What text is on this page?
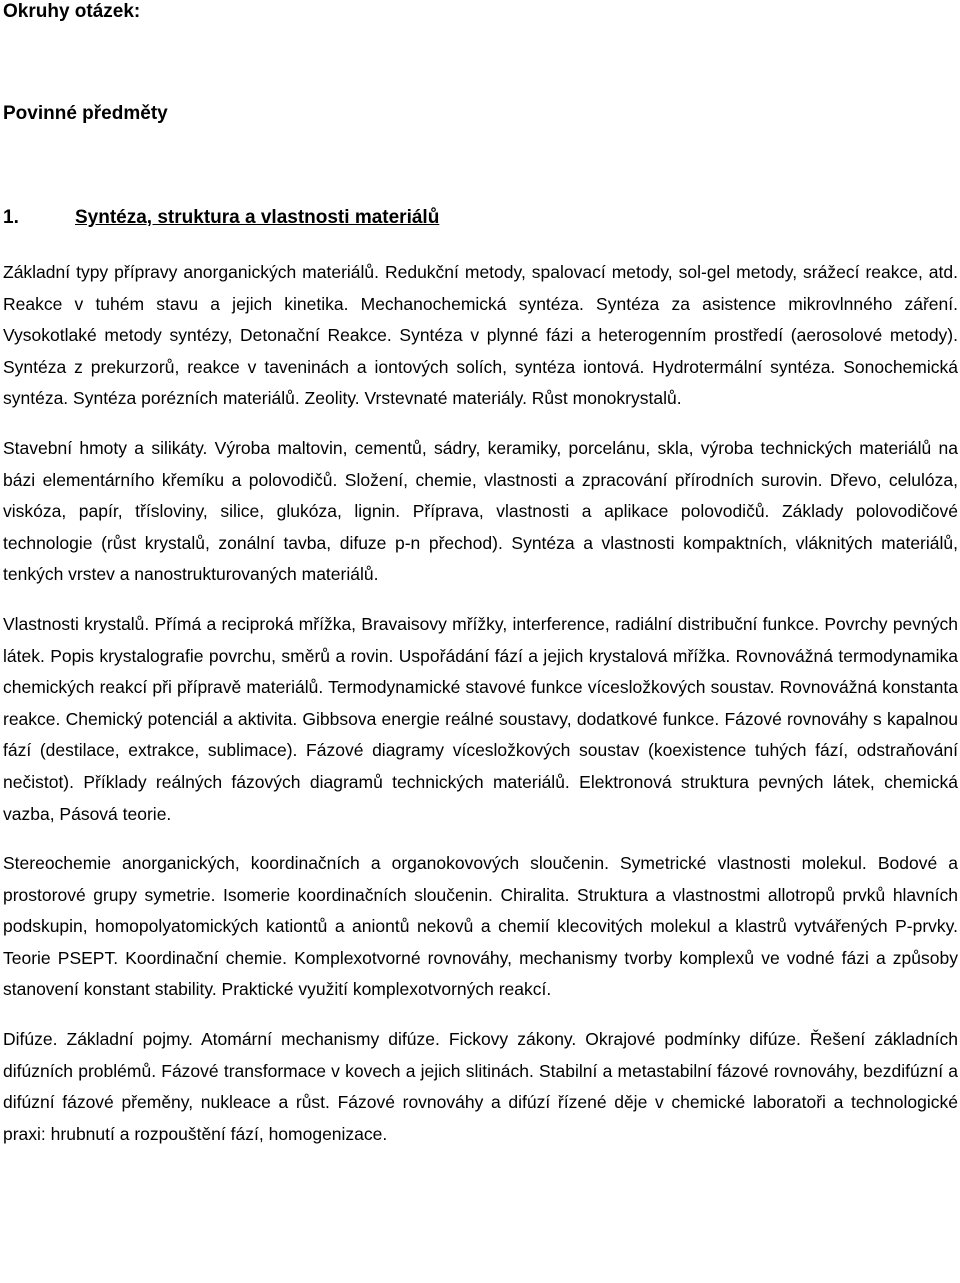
Okruhy otázek:
Povinné předměty
1.	Syntéza, struktura a vlastnosti materiálů

Základní typy přípravy anorganických materiálů. Redukční metody, spalovací metody, sol-gel metody, srážecí reakce, atd. Reakce v tuhém stavu a jejich kinetika. Mechanochemická syntéza. Syntéza za asistence mikrovlnného záření. Vysokotlaké metody syntézy, Detonační Reakce. Syntéza v plynné fázi a heterogenním prostředí (aerosolové metody). Syntéza z prekurzorů, reakce v taveninách a iontových solích, syntéza iontová. Hydrotermální syntéza. Sonochemická syntéza. Syntéza porézních materiálů. Zeolity. Vrstevnaté materiály. Růst monokrystalů.

Stavební hmoty a silikáty. Výroba maltovin, cementů, sádry, keramiky, porcelánu, skla, výroba technických materiálů na bázi elementárního křemíku a polovodičů. Složení, chemie, vlastnosti a zpracování přírodních surovin. Dřevo, celulóza, viskóza, papír, třísloviny, silice, glukóza, lignin. Příprava, vlastnosti a aplikace polovodičů. Základy polovodičové technologie (růst krystalů, zonální tavba, difuze p-n přechod). Syntéza a vlastnosti kompaktních, vláknitých materiálů, tenkých vrstev a nanostrukturovaných materiálů.

Vlastnosti krystalů. Přímá a reciproká mřížka, Bravaisovy mřížky, interference, radiální distribuční funkce. Povrchy pevných látek. Popis krystalografie povrchu, směrů a rovin. Uspořádání fází a jejich krystalová mřížka. Rovnovážná termodynamika chemických reakcí při přípravě materiálů. Termodynamické stavové funkce vícesložkových soustav. Rovnovážná konstanta reakce. Chemický potenciál a aktivita. Gibbsova energie reálné soustavy, dodatkové funkce. Fázové rovnováhy s kapalnou fází (destilace, extrakce, sublimace). Fázové diagramy vícesložkových soustav (koexistence tuhých fází, odstraňování nečistot). Příklady reálných fázových diagramů technických materiálů. Elektronová struktura pevných látek, chemická vazba, Pásová teorie.

Stereochemie anorganických, koordinačních a organokovových sloučenin. Symetrické vlastnosti molekul. Bodové a prostorové grupy symetrie. Isomerie koordinačních sloučenin. Chiralita. Struktura a vlastnostmi allotropů prvků hlavních podskupin, homopolyatomických kationtů a aniontů nekovů a chemií klecovitých molekul a klastrů vytvářených P-prvky. Teorie PSEPT. Koordinační chemie. Komplexotvorné rovnováhy, mechanismy tvorby komplexů ve vodné fázi a způsoby stanovení konstant stability. Praktické využití komplexotvorných reakcí.

Difúze. Základní pojmy. Atomární mechanismy difúze. Fickovy zákony. Okrajové podmínky difúze. Řešení základních difúzních problémů. Fázové transformace v kovech a jejich slitinách. Stabilní a metastabilní fázové rovnováhy, bezdifúzní a difúzní fázové přeměny, nukleace a růst. Fázové rovnováhy a difúzí řízené děje v chemické laboratoři a technologické praxi: hrubnutí a rozpouštění fází, homogenizace.
